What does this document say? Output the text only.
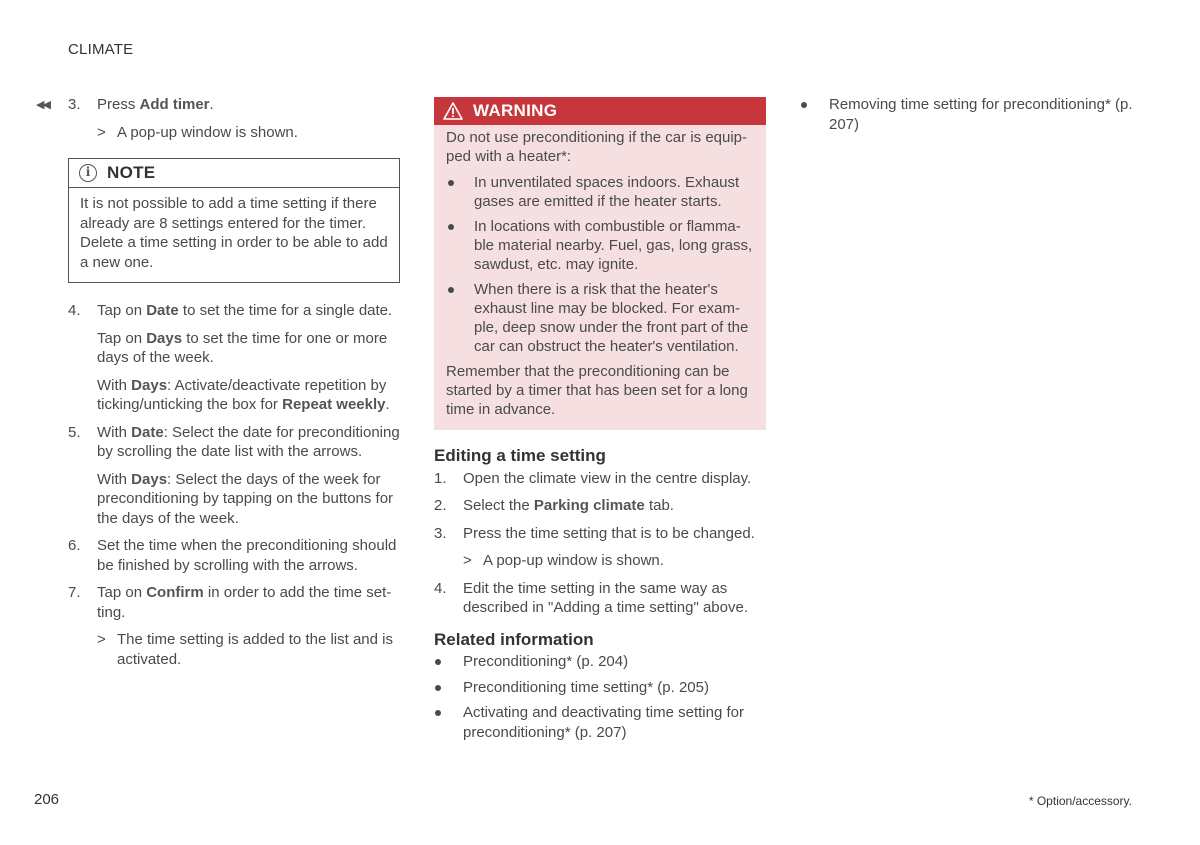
CLIMATE
◀◀ 3. Press Add timer.

> A pop-up window is shown.
i NOTE
It is not possible to add a time setting if there already are 8 settings entered for the timer. Delete a time setting in order to be able to add a new one.
4. Tap on Date to set the time for a single date.

Tap on Days to set the time for one or more days of the week.

With Days: Activate/deactivate repetition by ticking/unticking the box for Repeat weekly.

5. With Date: Select the date for preconditioning by scrolling the date list with the arrows.

With Days: Select the days of the week for preconditioning by tapping on the buttons for the days of the week.

6. Set the time when the preconditioning should be finished by scrolling with the arrows.

7. Tap on Confirm in order to add the time setting.

> The time setting is added to the list and is activated.
WARNING

Do not use preconditioning if the car is equipped with a heater*:

In unventilated spaces indoors. Exhaust gases are emitted if the heater starts.
In locations with combustible or flammable material nearby. Fuel, gas, long grass, sawdust, etc. may ignite.
When there is a risk that the heater's exhaust line may be blocked. For example, deep snow under the front part of the car can obstruct the heater's ventilation.

Remember that the preconditioning can be started by a timer that has been set for a long time in advance.

Editing a time setting
1. Open the climate view in the centre display.

2. Select the Parking climate tab.

3. Press the time setting that is to be changed.

> A pop-up window is shown.
4. Edit the time setting in the same way as described in "Adding a time setting" above.

Related information
Preconditioning* (p. 204)
Preconditioning time setting* (p. 205)
Activating and deactivating time setting for preconditioning* (p. 207)
Removing time setting for preconditioning* (p. 207)
206	* Option/accessory.
